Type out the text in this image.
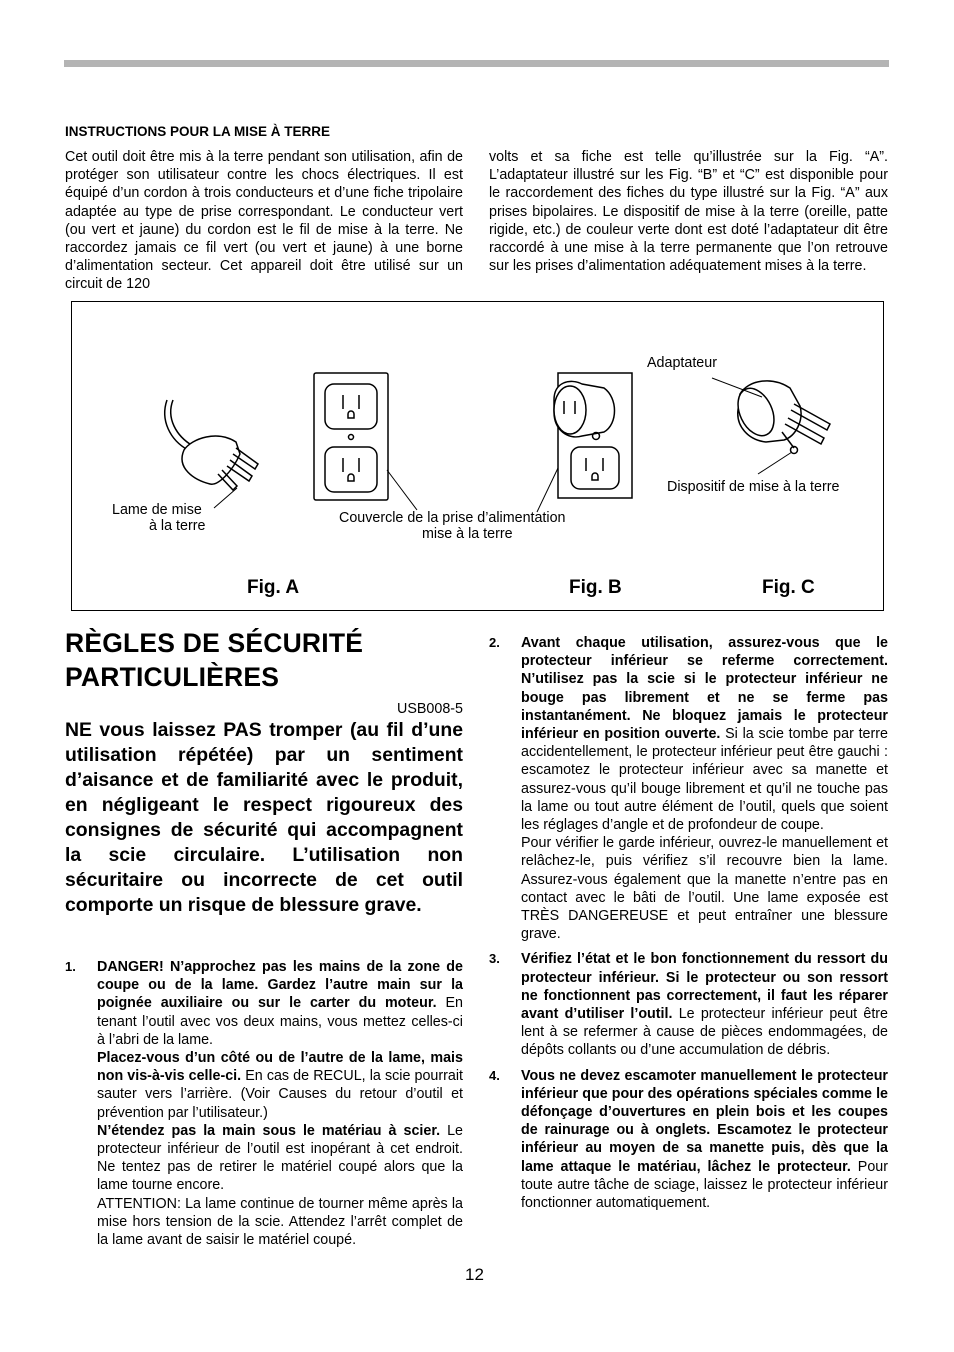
INSTRUCTIONS POUR LA MISE À TERRE

Cet outil doit être mis à la terre pendant son utilisation, afin de protéger son utilisateur contre les chocs électriques. Il est équipé d’un cordon à trois conducteurs et d’une fiche tripolaire adaptée au type de prise correspondant. Le conducteur vert (ou vert et jaune) du cordon est le fil de mise à la terre. Ne raccordez jamais ce fil vert (ou vert et jaune) à une borne d’alimentation secteur. Cet appareil doit être utilisé sur un circuit de 120

volts et sa fiche est telle qu’illustrée sur la Fig. “A”. L’adaptateur illustré sur les Fig. “B” et “C” est disponible pour le raccordement des fiches du type illustré sur la Fig. “A” aux prises bipolaires. Le dispositif de mise à la terre (oreille, patte rigide, etc.) de couleur verte dont est doté l’adaptateur dit être raccordé à une mise à la terre permanente que l’on retrouve sur les prises d’alimentation adéquatement mises à la terre.

Lame de mise
à la terre	Couvercle de la prise d’alimentation
mise à la terre
Adaptateur
Dispositif de mise à la terre
Fig. A	Fig. B	Fig. C
RÈGLES DE SÉCURITÉ
PARTICULIÈRES
USB008-5

NE vous laissez PAS tromper (au fil d’une utilisation répétée) par un sentiment d’aisance et de familiarité avec le produit, en négligeant le respect rigoureux des consignes de sécurité qui accompagnent la scie circulaire. L’utilisation non sécuritaire ou incorrecte de cet outil comporte un risque de blessure grave.

1. DANGER! N’approchez pas les mains de la zone de coupe ou de la lame. Gardez l’autre main sur la poignée auxiliaire ou sur le carter du moteur. En tenant l’outil avec vos deux mains, vous mettez celles-ci à l’abri de la lame.
Placez-vous d’un côté ou de l’autre de la lame, mais non vis-à-vis celle-ci. En cas de RECUL, la scie pourrait sauter vers l’arrière. (Voir Causes du retour d’outil et prévention par l’utilisateur.)
N’étendez pas la main sous le matériau à scier. Le protecteur inférieur de l’outil est inopérant à cet endroit. Ne tentez pas de retirer le matériel coupé alors que la lame tourne encore.
ATTENTION: La lame continue de tourner même après la mise hors tension de la scie. Attendez l’arrêt complet de la lame avant de saisir le matériel coupé.
2. Avant chaque utilisation, assurez-vous que le protecteur inférieur se referme correctement. N’utilisez pas la scie si le protecteur inférieur ne bouge pas librement et ne se ferme pas instantanément. Ne bloquez jamais le protecteur inférieur en position ouverte. Si la scie tombe par terre accidentellement, le protecteur inférieur peut être gauchi : escamotez le protecteur inférieur avec sa manette et assurez-vous qu’il bouge librement et qu’il ne touche pas la lame ou tout autre élément de l’outil, quels que soient les réglages d’angle et de profondeur de coupe.
Pour vérifier le garde inférieur, ouvrez-le manuellement et relâchez-le, puis vérifiez s’il recouvre bien la lame. Assurez-vous également que la manette n’entre pas en contact avec le bâti de l’outil. Une lame exposée est TRÈS DANGEREUSE et peut entraîner une blessure grave.
3. Vérifiez l’état et le bon fonctionnement du ressort du protecteur inférieur. Si le protecteur ou son ressort ne fonctionnent pas correctement, il faut les réparer avant d’utiliser l’outil. Le protecteur inférieur peut être lent à se refermer à cause de pièces endommagées, de dépôts collants ou d’une accumulation de débris.
4. Vous ne devez escamoter manuellement le protecteur inférieur que pour des opérations spéciales comme le défonçage d’ouvertures en plein bois et les coupes de rainurage ou à onglets. Escamotez le protecteur inférieur au moyen de sa manette puis, dès que la lame attaque le matériau, lâchez le protecteur. Pour toute autre tâche de sciage, laissez le protecteur inférieur fonctionner automatiquement.
12
